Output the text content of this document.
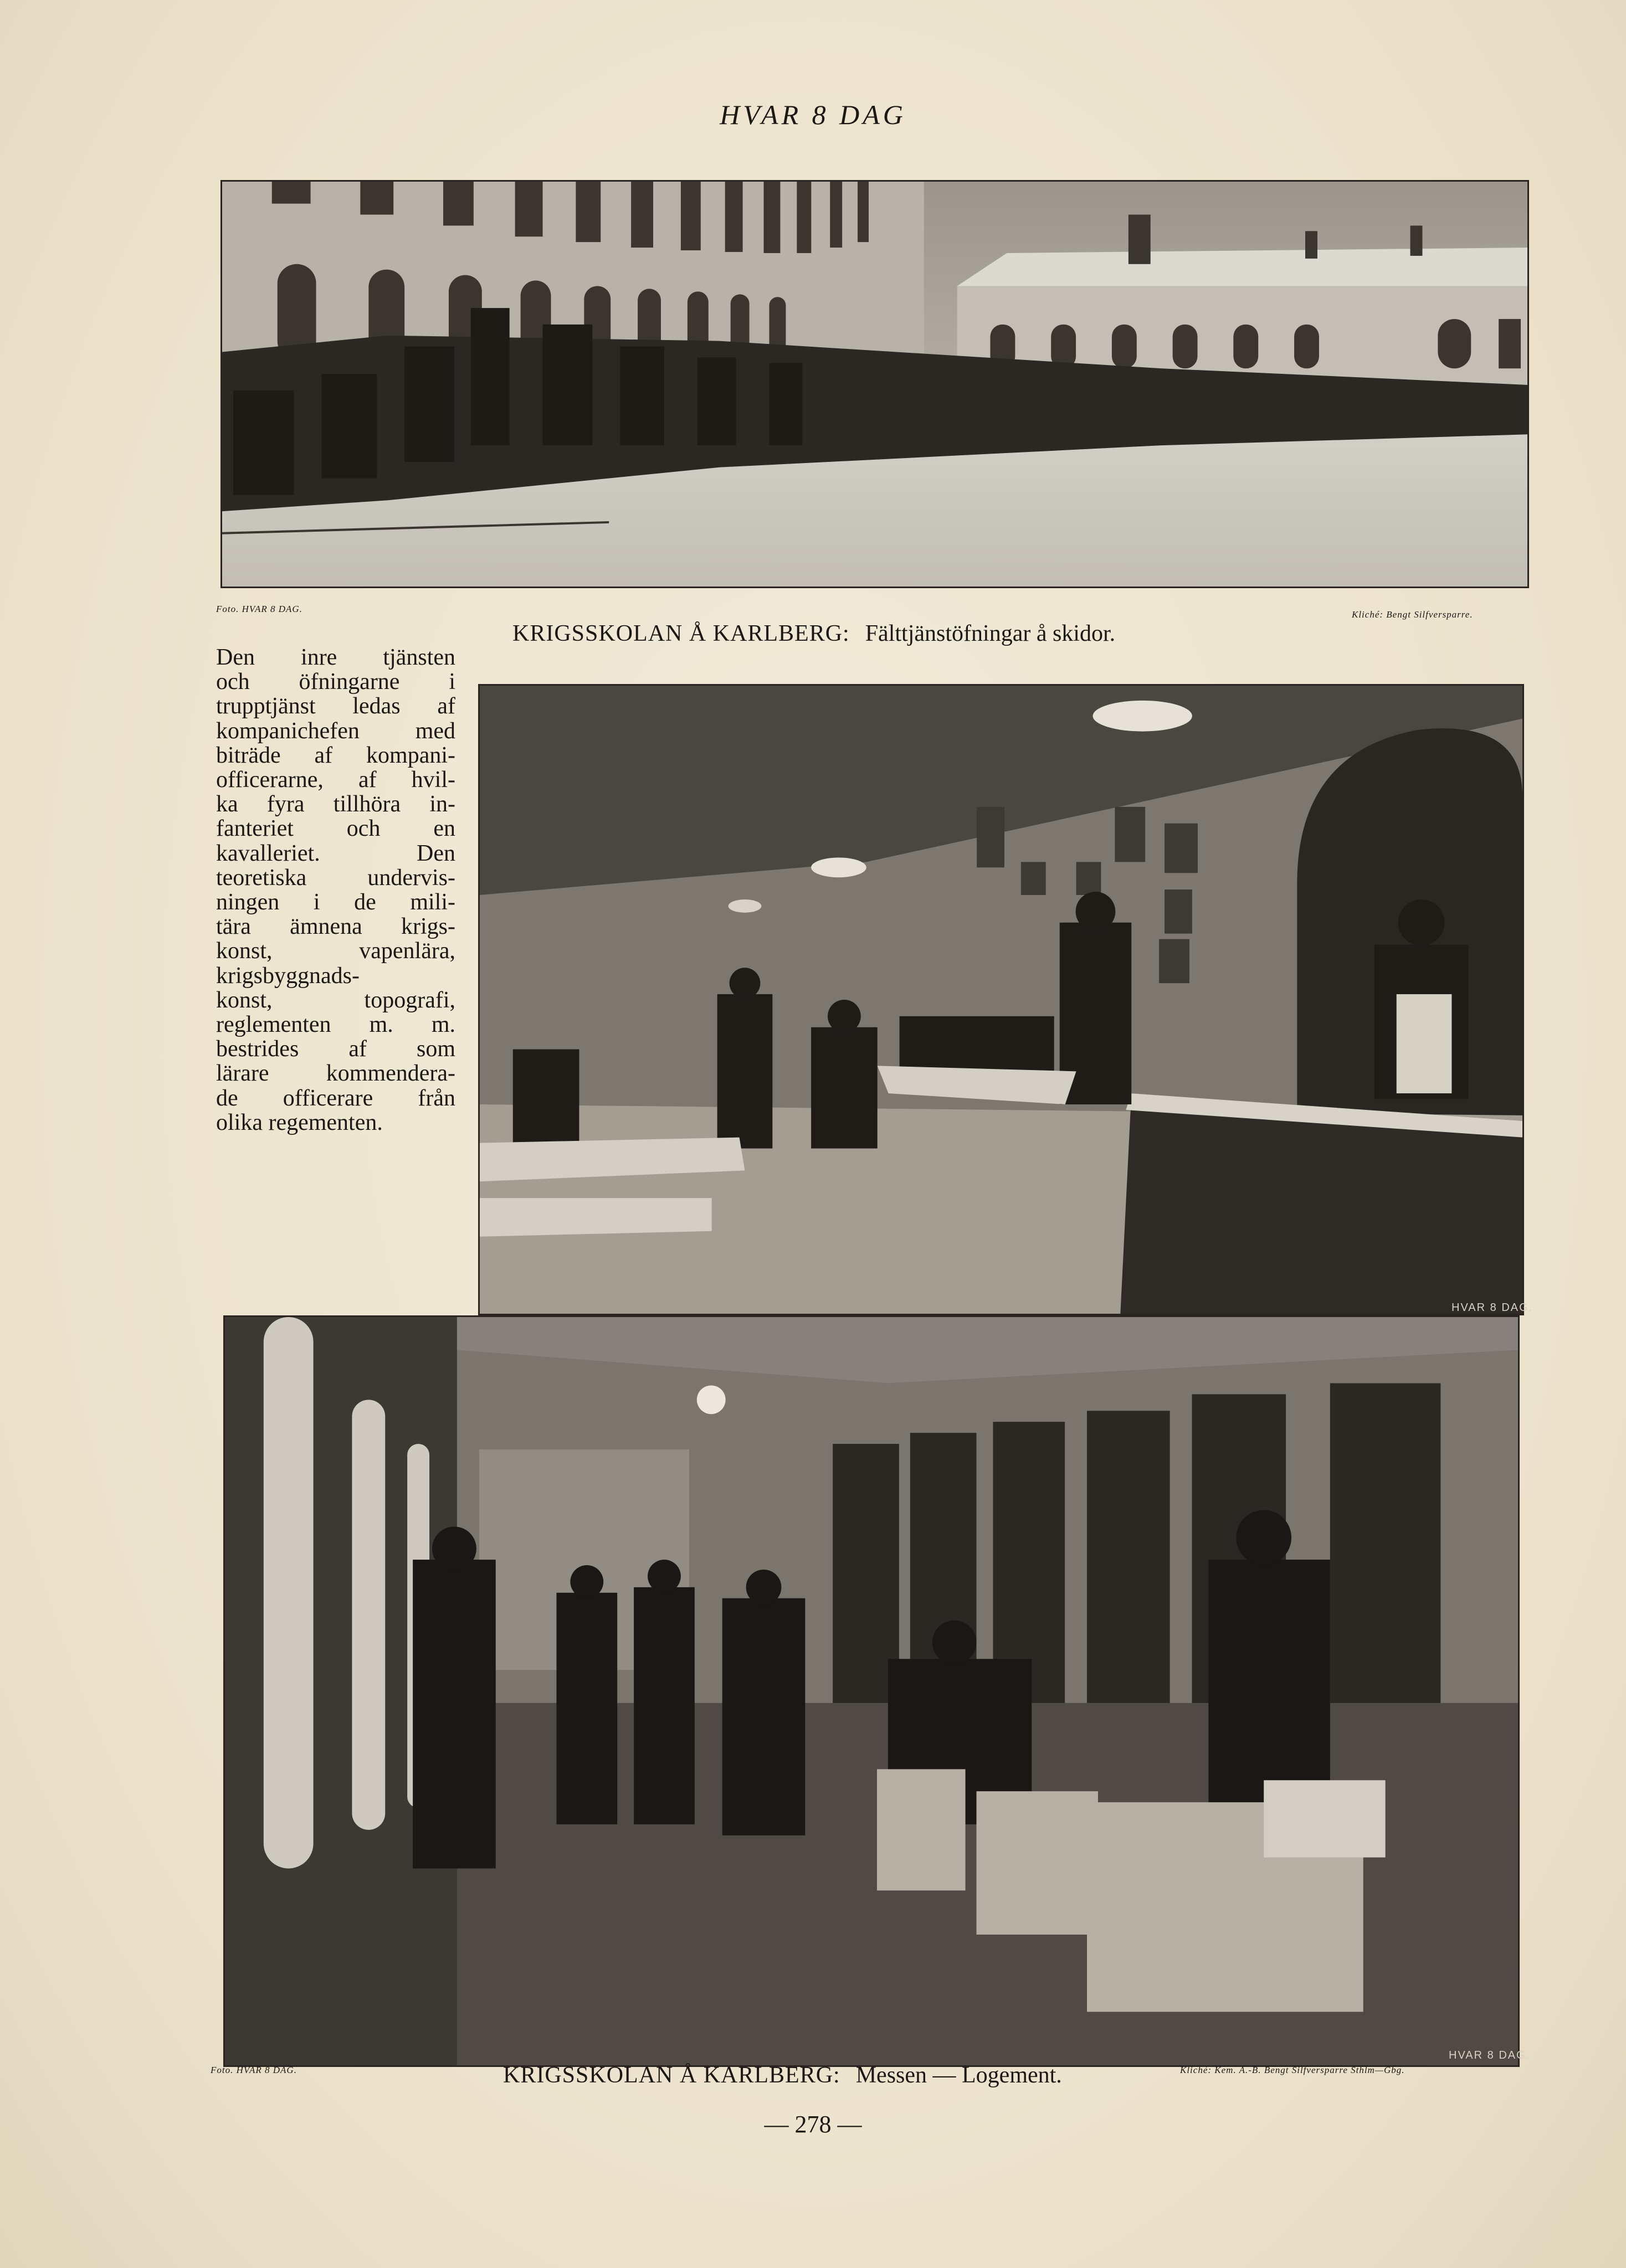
HVAR 8 DAG
Foto. HVAR 8 DAG.
Kliché: Bengt Silfversparre.
KRIGSSKOLAN Å KARLBERG: Fälttjänstöfningar å skidor.
Den inre tjänsten
och öfningarne i
trupptjänst ledas af
kompanichefen med
biträde af kompani-
officerarne, af hvil-
ka fyra tillhöra in-
fanteriet och en
kavalleriet. Den
teoretiska undervis-
ningen i de mili-
tära ämnena krigs-
konst, vapenlära,
krigsbyggnads-
konst, topografi,
reglementen m. m.
bestrides af som
lärare kommendera-
de officerare från
olika regementen.
HVAR 8 DAG.
HVAR 8 DAG.
Foto. HVAR 8 DAG.	KRIGSSKOLAN Å KARLBERG: Messen — Logement.	Kliché: Kem. A.-B. Bengt Silfversparre Sthlm—Gbg.
— 278 —
